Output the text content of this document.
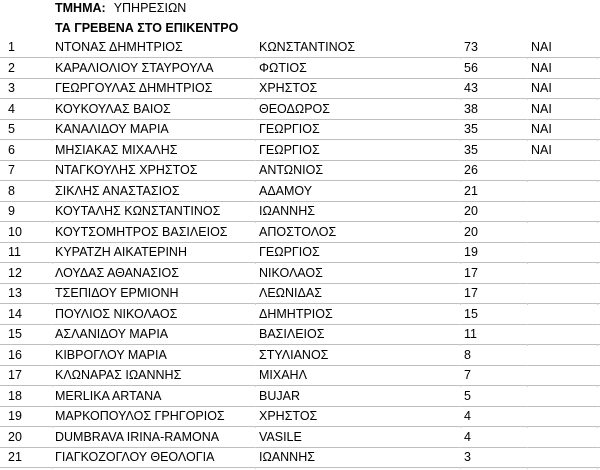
ΤΜΗΜΑ: ΥΠΗΡΕΣΙΩΝ
ΤΑ ΓΡΕΒΕΝΑ ΣΤΟ ΕΠΙΚΕΝΤΡΟ
1	ΝΤΟΝΑΣ ΔΗΜΗΤΡΙΟΣ	ΚΩΝΣΤΑΝΤΙΝΟΣ	73	ΝΑΙ
2	ΚΑΡΑΛΙΟΛΙΟΥ ΣΤΑΥΡΟΥΛΑ	ΦΩΤΙΟΣ	56	ΝΑΙ
3	ΓΕΩΡΓΟΥΛΑΣ ΔΗΜΗΤΡΙΟΣ	ΧΡΗΣΤΟΣ	43	ΝΑΙ
4	ΚΟΥΚΟΥΛΑΣ ΒΑΙΟΣ	ΘΕΟΔΩΡΟΣ	38	ΝΑΙ
5	ΚΑΝΑΛΙΔΟΥ ΜΑΡΙΑ	ΓΕΩΡΓΙΟΣ	35	ΝΑΙ
6	ΜΗΣΙΑΚΑΣ ΜΙΧΑΛΗΣ	ΓΕΩΡΓΙΟΣ	35	ΝΑΙ
7	ΝΤΑΓΚΟΥΛΗΣ ΧΡΗΣΤΟΣ	ΑΝΤΩΝΙΟΣ	26
8	ΣΙΚΛΗΣ ΑΝΑΣΤΑΣΙΟΣ	ΑΔΑΜΟΥ	21
9	ΚΟΥΤΑΛΗΣ ΚΩΝΣΤΑΝΤΙΝΟΣ	ΙΩΑΝΝΗΣ	20
10	ΚΟΥΤΣΟΜΗΤΡΟΣ ΒΑΣΙΛΕΙΟΣ	ΑΠΟΣΤΟΛΟΣ	20
11	ΚΥΡΑΤΖΗ ΑΙΚΑΤΕΡΙΝΗ	ΓΕΩΡΓΙΟΣ	19
12	ΛΟΥΔΑΣ ΑΘΑΝΑΣΙΟΣ	ΝΙΚΟΛΑΟΣ	17
13	ΤΣΕΠΙΔΟΥ ΕΡΜΙΟΝΗ	ΛΕΩΝΙΔΑΣ	17
14	ΠΟΥΛΙΟΣ ΝΙΚΟΛΑΟΣ	ΔΗΜΗΤΡΙΟΣ	15
15	ΑΣΛΑΝΙΔΟΥ ΜΑΡΙΑ	ΒΑΣΙΛΕΙΟΣ	11
16	ΚΙΒΡΟΓΛΟΥ ΜΑΡΙΑ	ΣΤΥΛΙΑΝΟΣ	8
17	ΚΛΩΝΑΡΑΣ ΙΩΑΝΝΗΣ	ΜΙΧΑΗΛ	7
18	MERLIKA ARTANA	BUJAR	5
19	ΜΑΡΚΟΠΟΥΛΟΣ ΓΡΗΓΟΡΙΟΣ	ΧΡΗΣΤΟΣ	4
20	DUMBRAVA IRINA-RAMONA	VASILE	4
21	ΓΙΑΓΚΟΖΟΓΛΟΥ ΘΕΟΛΟΓΙΑ	ΙΩΑΝΝΗΣ	3
